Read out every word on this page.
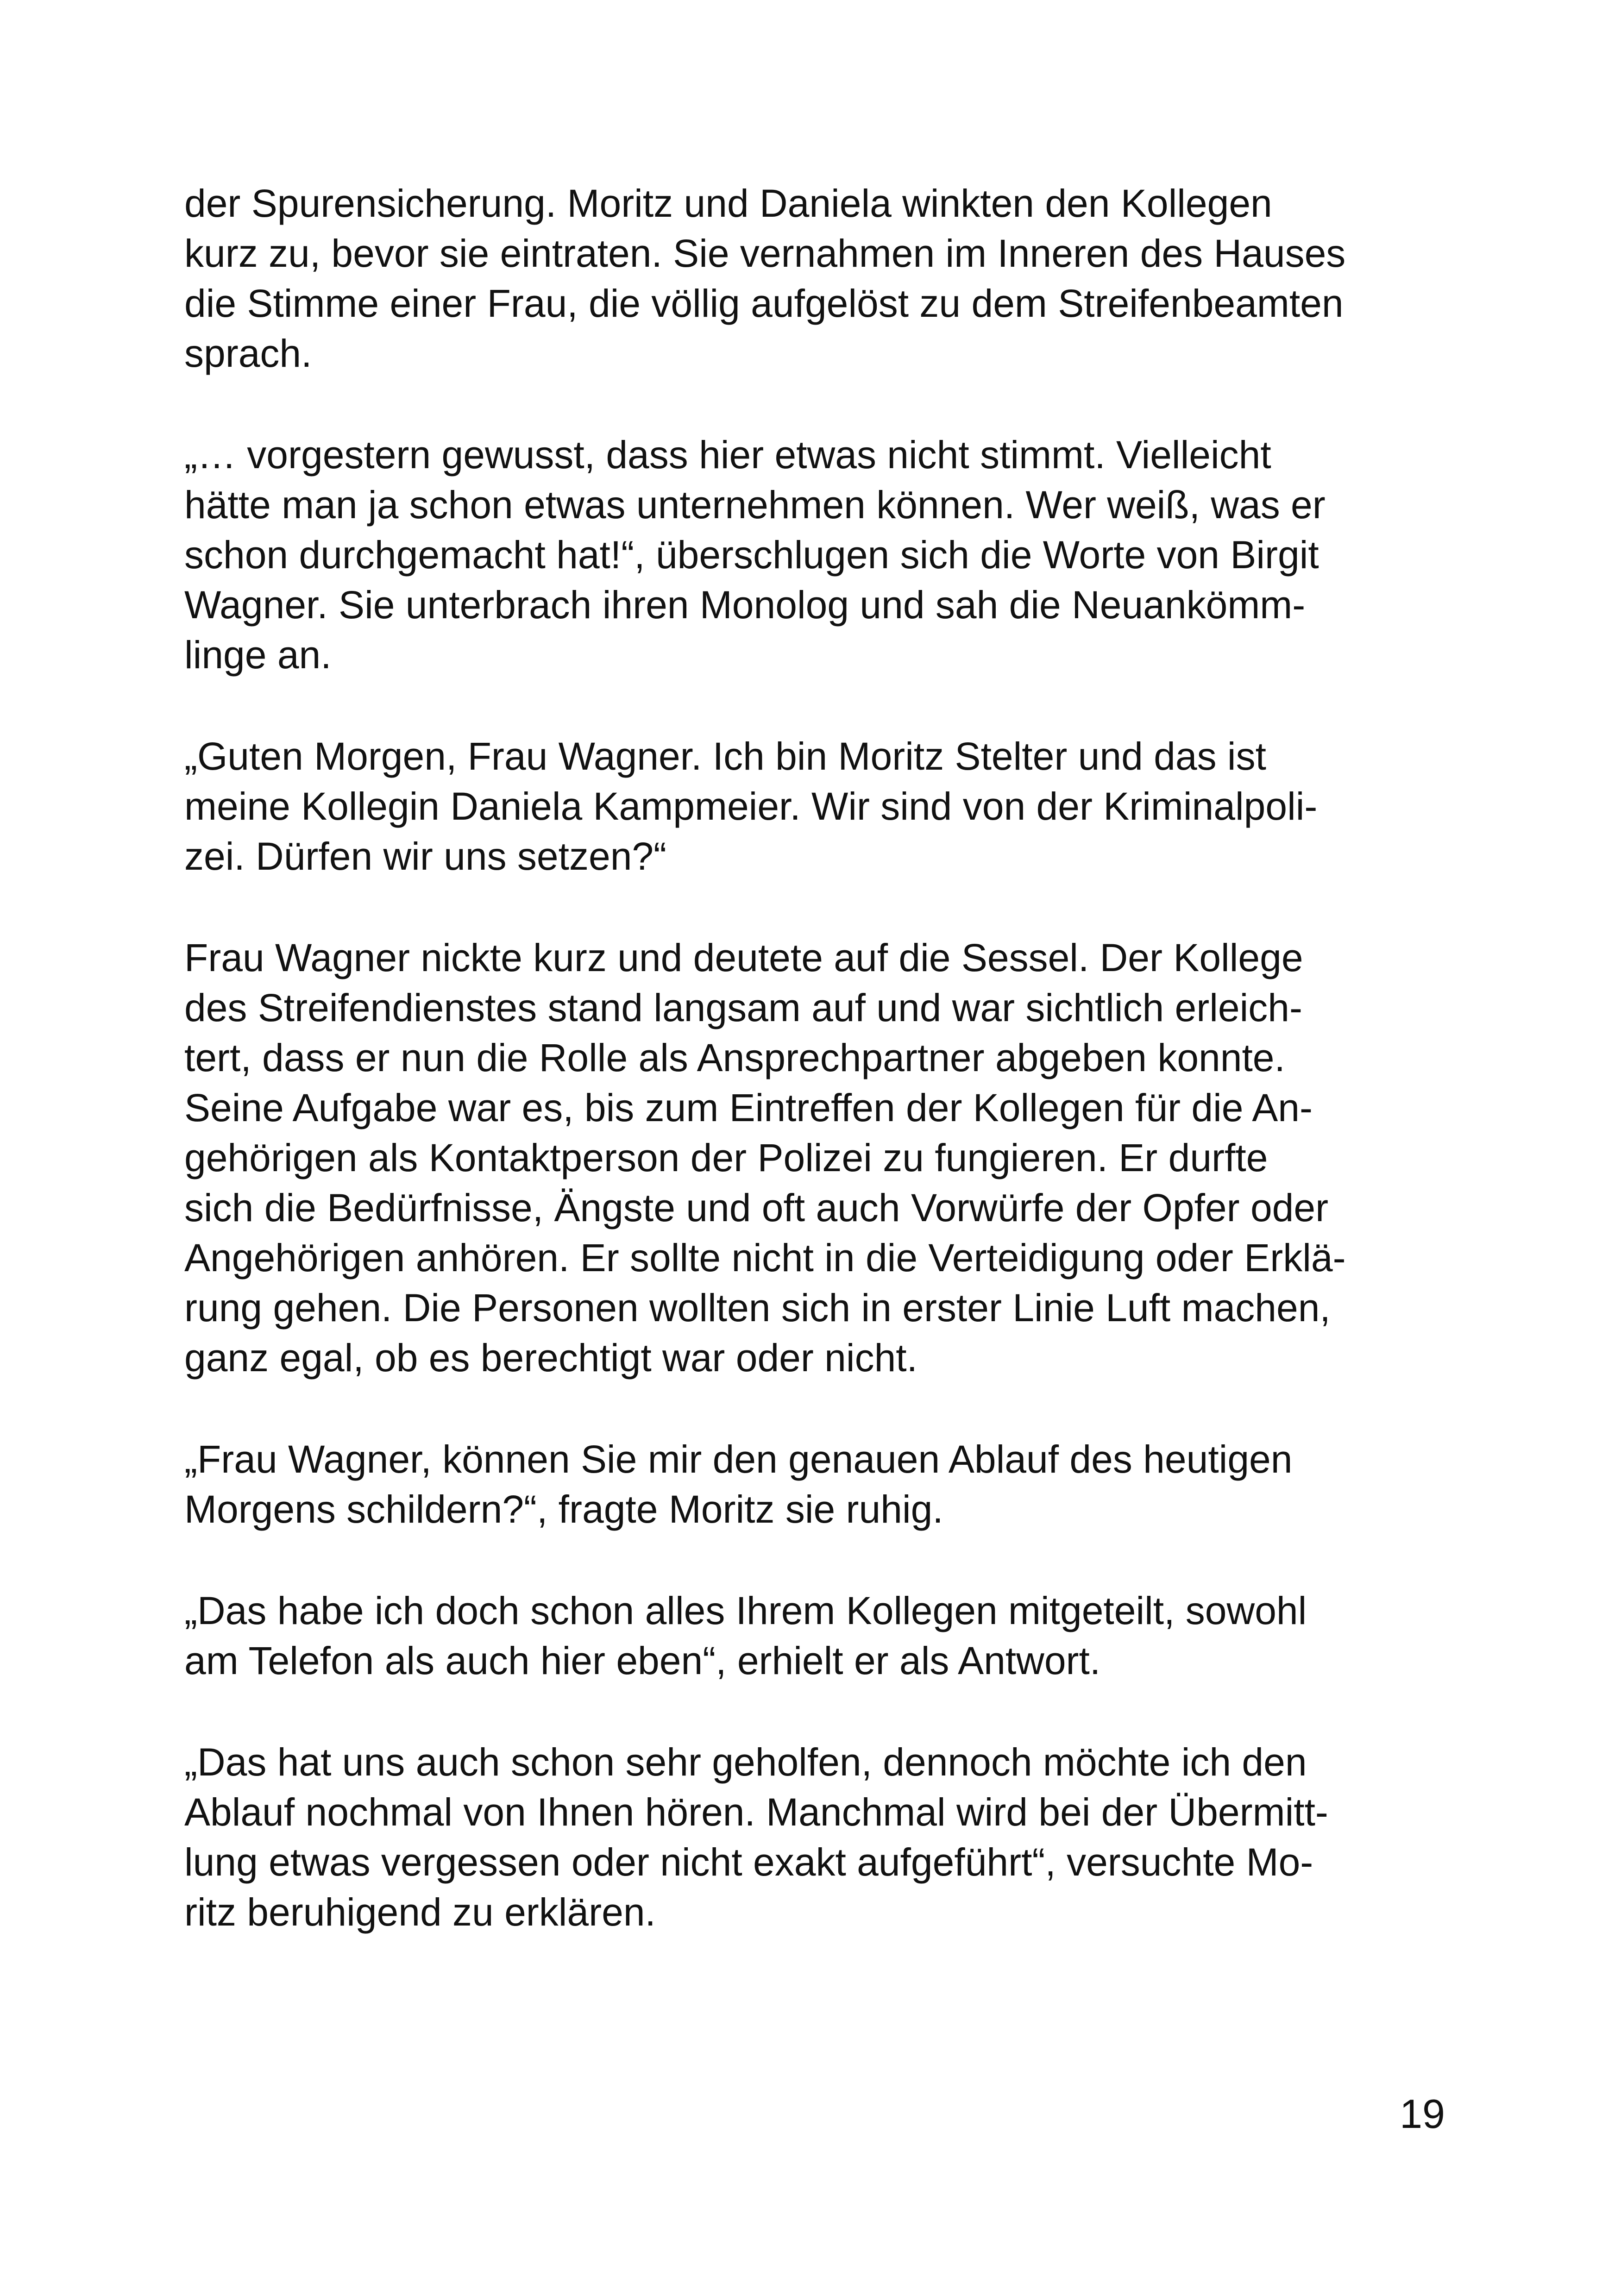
der Spurensicherung. Moritz und Daniela winkten den Kollegen
kurz zu, bevor sie eintraten. Sie vernahmen im Inneren des Hauses
die Stimme einer Frau, die völlig aufgelöst zu dem Streifenbeamten
sprach.

„… vorgestern gewusst, dass hier etwas nicht stimmt. Vielleicht
hätte man ja schon etwas unternehmen können. Wer weiß, was er
schon durchgemacht hat!“, überschlugen sich die Worte von Birgit
Wagner. Sie unterbrach ihren Monolog und sah die Neuankömm-
linge an.

„Guten Morgen, Frau Wagner. Ich bin Moritz Stelter und das ist
meine Kollegin Daniela Kampmeier. Wir sind von der Kriminalpoli-
zei. Dürfen wir uns setzen?“

Frau Wagner nickte kurz und deutete auf die Sessel. Der Kollege
des Streifendienstes stand langsam auf und war sichtlich erleich-
tert, dass er nun die Rolle als Ansprechpartner abgeben konnte.
Seine Aufgabe war es, bis zum Eintreffen der Kollegen für die An-
gehörigen als Kontaktperson der Polizei zu fungieren. Er durfte
sich die Bedürfnisse, Ängste und oft auch Vorwürfe der Opfer oder
Angehörigen anhören. Er sollte nicht in die Verteidigung oder Erklä-
rung gehen. Die Personen wollten sich in erster Linie Luft machen,
ganz egal, ob es berechtigt war oder nicht.

„Frau Wagner, können Sie mir den genauen Ablauf des heutigen
Morgens schildern?“, fragte Moritz sie ruhig.

„Das habe ich doch schon alles Ihrem Kollegen mitgeteilt, sowohl
am Telefon als auch hier eben“, erhielt er als Antwort.

„Das hat uns auch schon sehr geholfen, dennoch möchte ich den
Ablauf nochmal von Ihnen hören. Manchmal wird bei der Übermitt-
lung etwas vergessen oder nicht exakt aufgeführt“, versuchte Mo-
ritz beruhigend zu erklären.

19
